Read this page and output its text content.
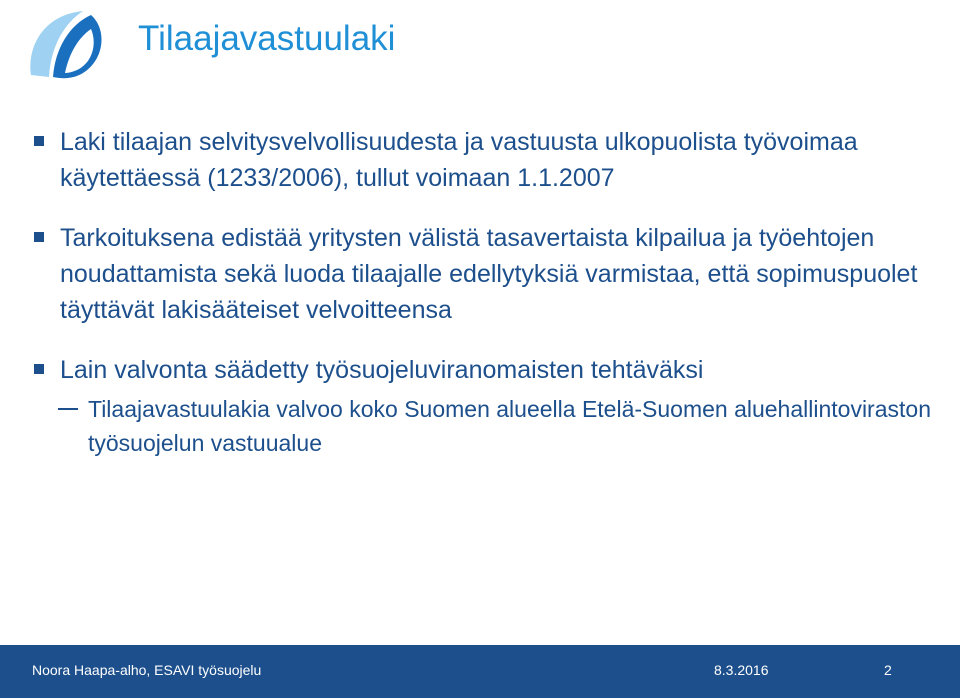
Tilaajavastuulaki
Laki tilaajan selvitysvelvollisuudesta ja vastuusta ulkopuolista työvoimaa käytettäessä (1233/2006), tullut voimaan 1.1.2007
Tarkoituksena edistää yritysten välistä tasavertaista kilpailua ja työehtojen noudattamista sekä luoda tilaajalle edellytyksiä varmistaa, että sopimuspuolet täyttävät lakisääteiset velvoitteensa
Lain valvonta säädetty työsuojeluviranomaisten tehtäväksi
Tilaajavastuulakia valvoo koko Suomen alueella Etelä-Suomen aluehallintoviraston työsuojelun vastuualue
Noora Haapa-alho, ESAVI työsuojelu	8.3.2016	2
